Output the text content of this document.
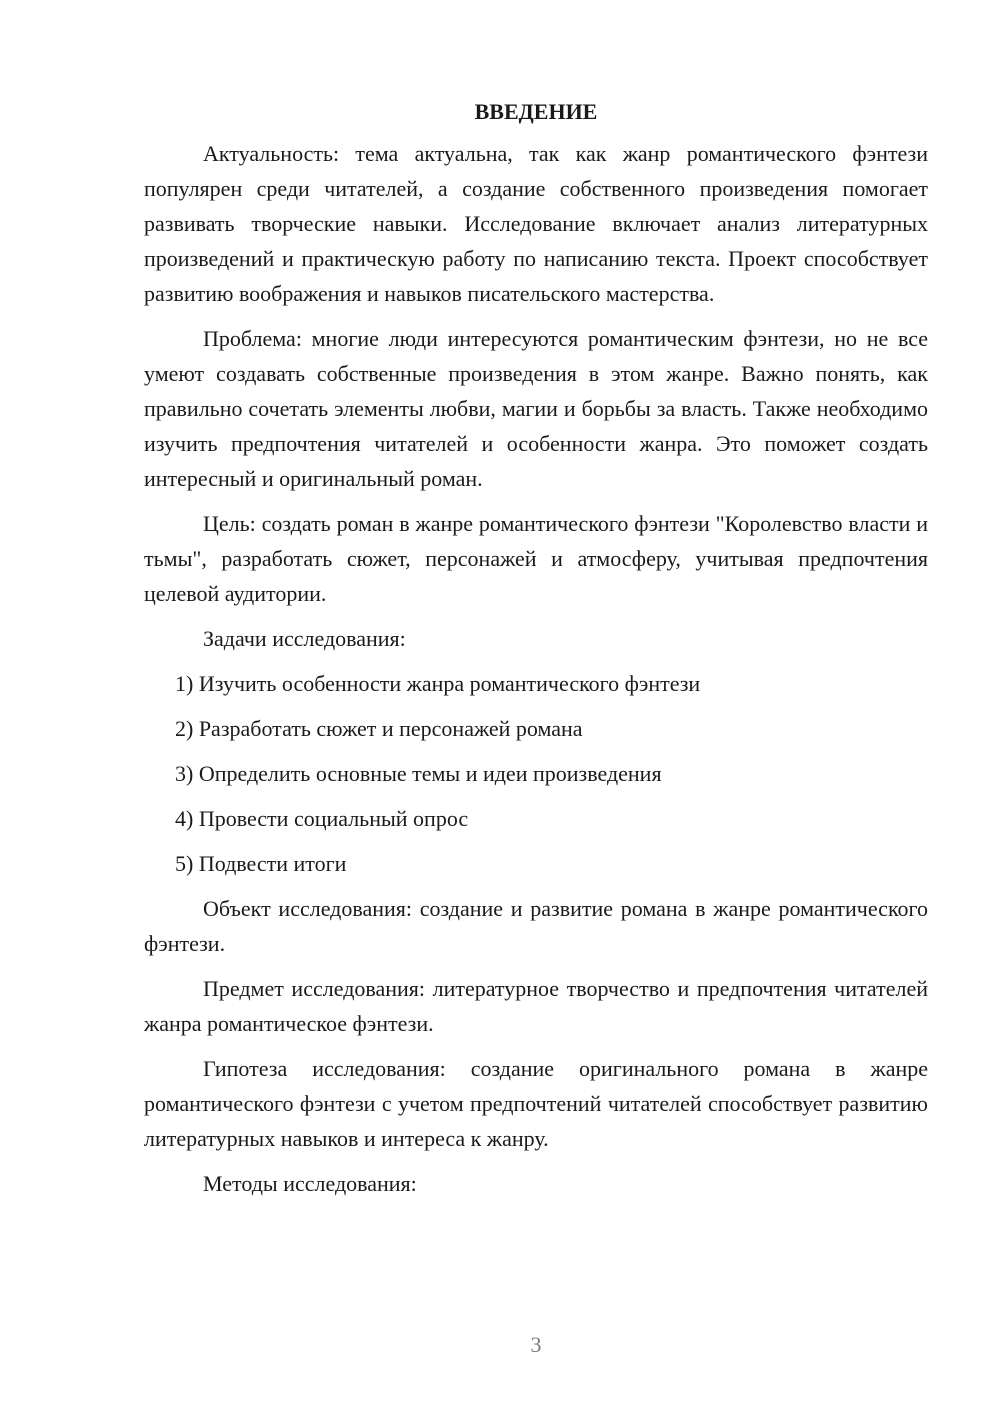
ВВЕДЕНИЕ

Актуальность: тема актуальна, так как жанр романтического фэнтези популярен среди читателей, а создание собственного произведения помогает развивать творческие навыки. Исследование включает анализ литературных произведений и практическую работу по написанию текста. Проект способствует развитию воображения и навыков писательского мастерства.

Проблема: многие люди интересуются романтическим фэнтези, но не все умеют создавать собственные произведения в этом жанре. Важно понять, как правильно сочетать элементы любви, магии и борьбы за власть. Также необходимо изучить предпочтения читателей и особенности жанра. Это поможет создать интересный и оригинальный роман.

Цель: создать роман в жанре романтического фэнтези "Королевство власти и тьмы", разработать сюжет, персонажей и атмосферу, учитывая предпочтения целевой аудитории.

Задачи исследования:

1) Изучить особенности жанра романтического фэнтези
2) Разработать сюжет и персонажей романа
3) Определить основные темы и идеи произведения
4) Провести социальный опрос
5) Подвести итоги

Объект исследования: создание и развитие романа в жанре романтического фэнтези.

Предмет исследования: литературное творчество и предпочтения читателей жанра романтическое фэнтези.

Гипотеза исследования: создание оригинального романа в жанре романтического фэнтези с учетом предпочтений читателей способствует развитию литературных навыков и интереса к жанру.

Методы исследования:

3
